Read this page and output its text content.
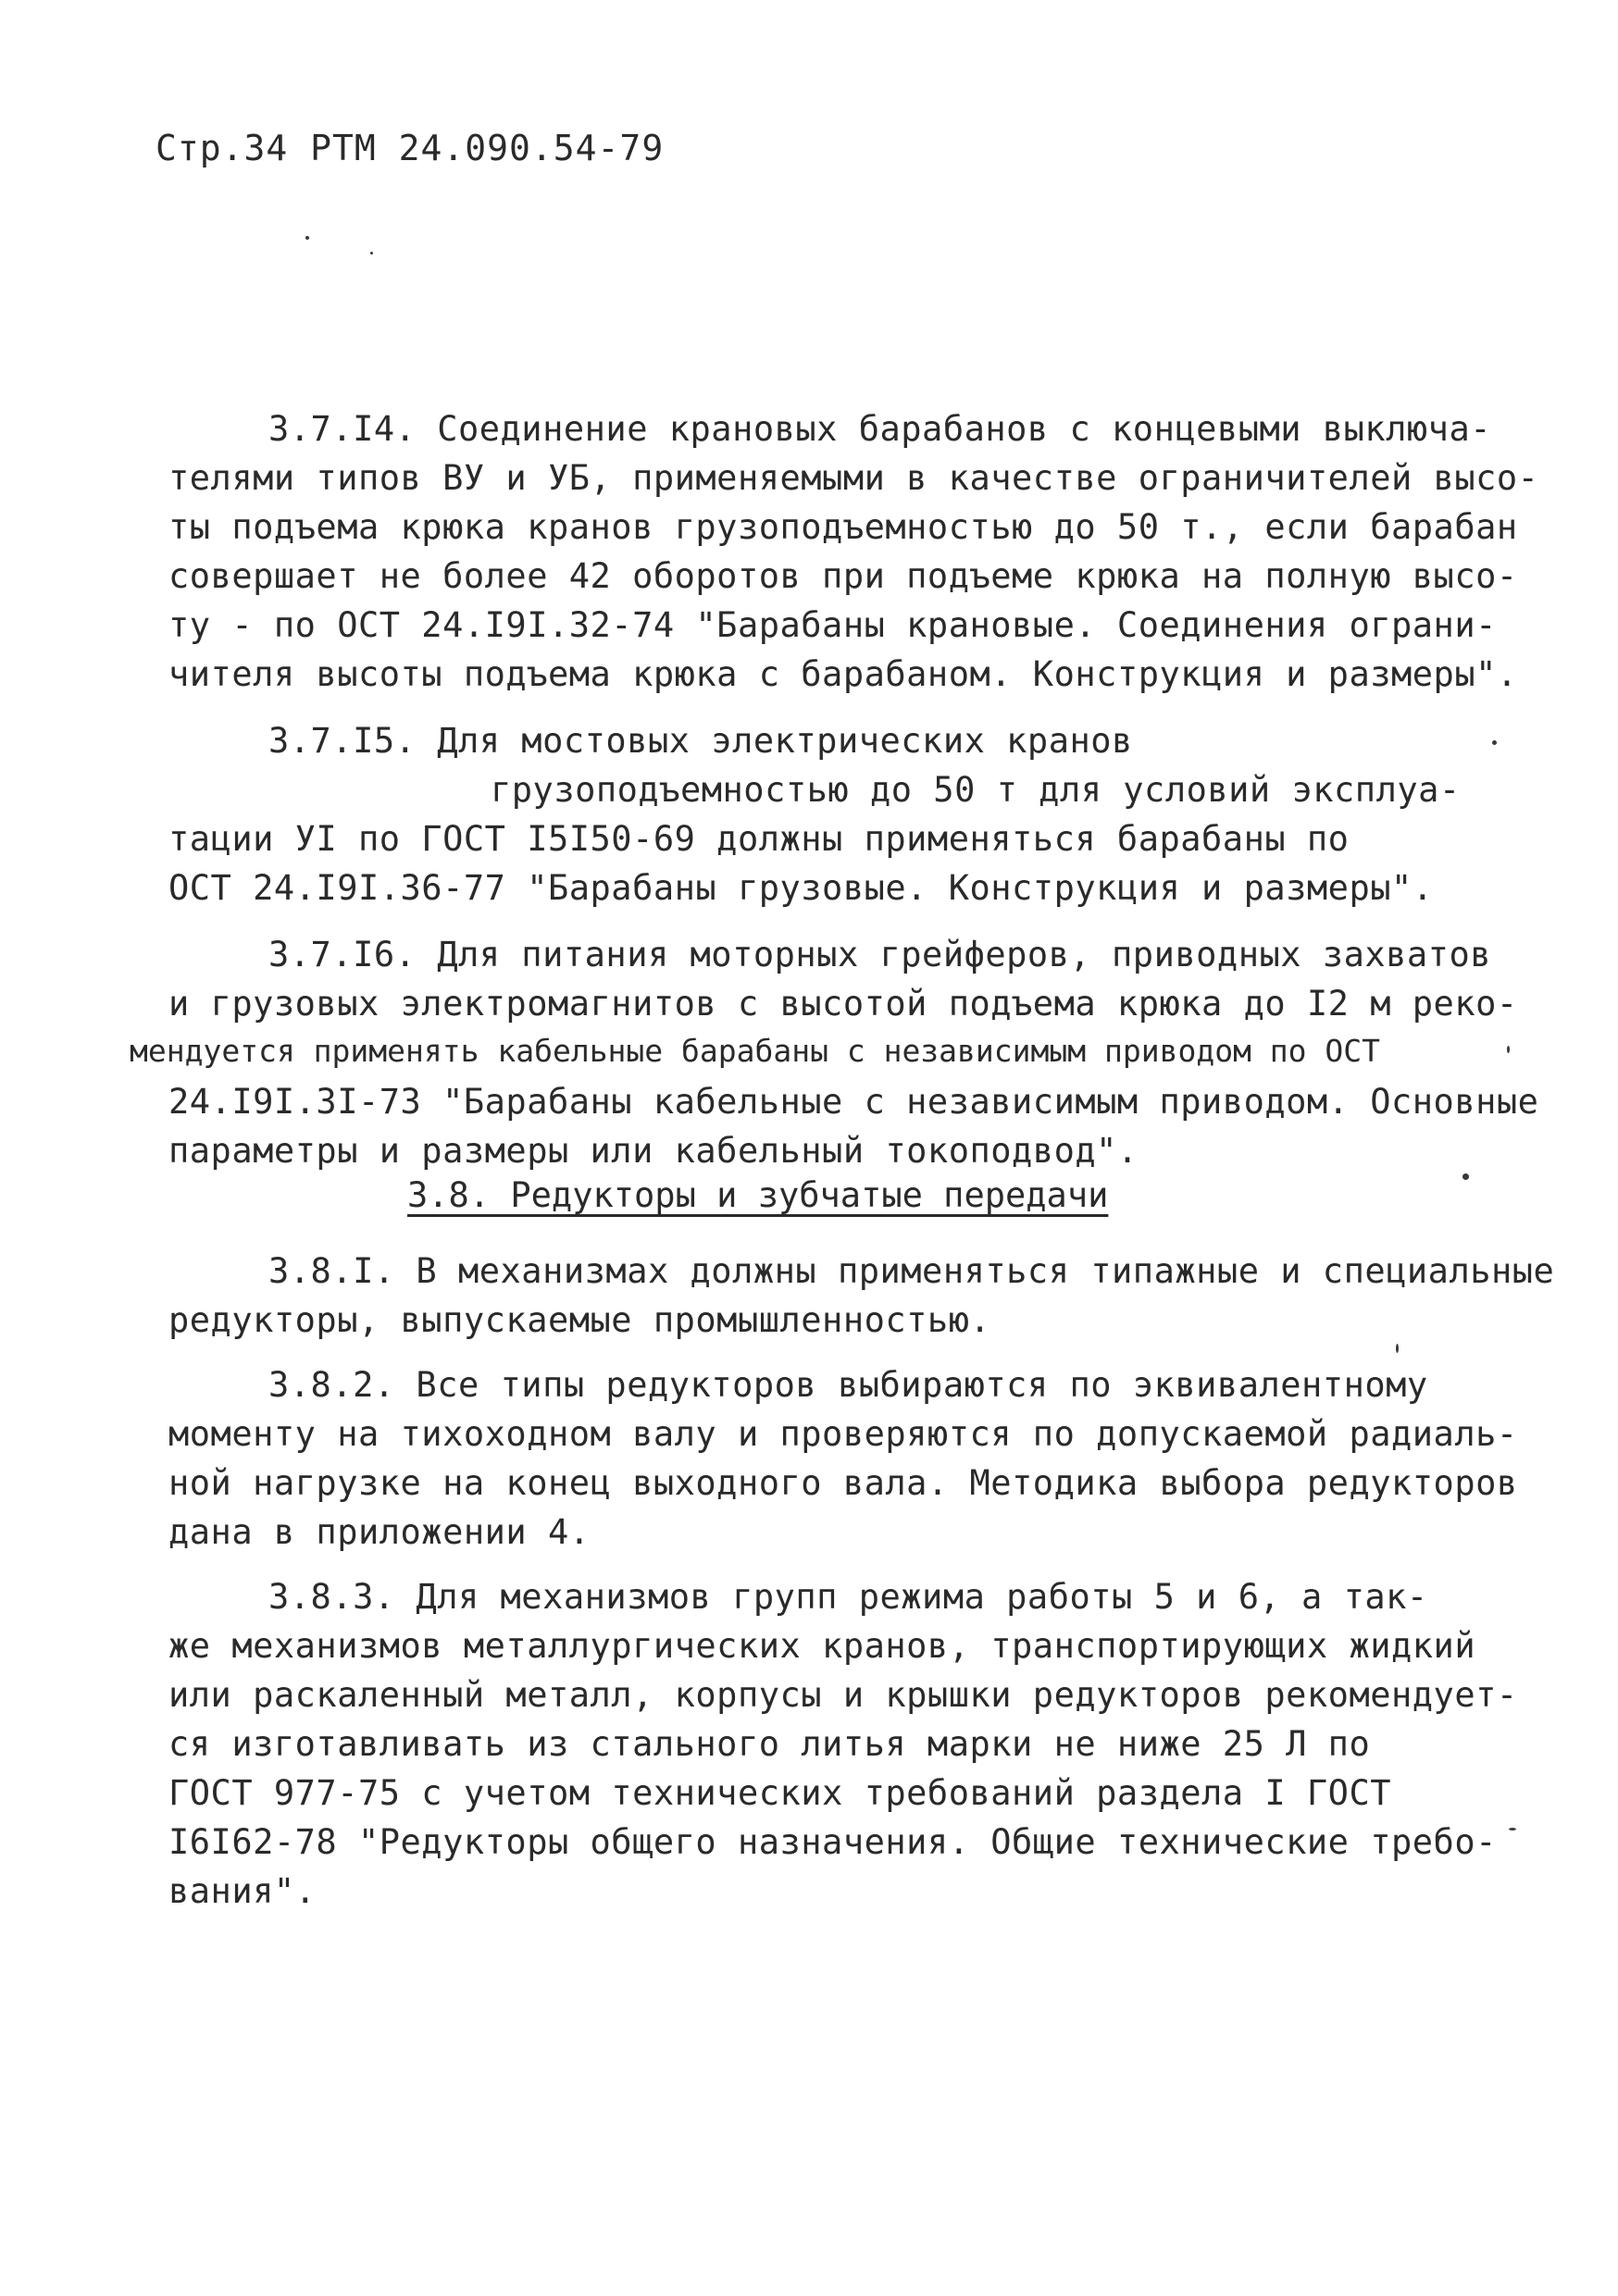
Стр.34 РТМ 24.090.54-79
3.7.I4. Соединение крановых барабанов с концевыми выключа-
телями типов ВУ и УБ, применяемыми в качестве ограничителей высо-
ты подъема крюка кранов грузоподъемностью до 50 т., если барабан
совершает не более 42 оборотов при подъеме крюка на полную высо-
ту - по ОСТ 24.I9I.32-74 "Барабаны крановые. Соединения ограни-
чителя высоты подъема крюка с барабаном. Конструкция и размеры".
3.7.I5. Для мостовых электрических кранов
грузоподъемностью до 50 т для условий эксплуа-
тации УI по ГОСТ I5I50-69 должны применяться барабаны по
ОСТ 24.I9I.36-77 "Барабаны грузовые. Конструкция и размеры".
3.7.I6. Для питания моторных грейферов, приводных захватов
и грузовых электромагнитов с высотой подъема крюка до I2 м реко-
мендуется применять кабельные барабаны с независимым приводом по ОСТ
24.I9I.3I-73 "Барабаны кабельные с независимым приводом. Основные
параметры и размеры или кабельный токоподвод".
3.8. Редукторы и зубчатые передачи
3.8.I. В механизмах должны применяться типажные и специальные
редукторы, выпускаемые промышленностью.
3.8.2. Все типы редукторов выбираются по эквивалентному
моменту на тихоходном валу и проверяются по допускаемой радиаль-
ной нагрузке на конец выходного вала. Методика выбора редукторов
дана в приложении 4.
3.8.3. Для механизмов групп режима работы 5 и 6, а так-
же механизмов металлургических кранов, транспортирующих жидкий
или раскаленный металл, корпусы и крышки редукторов рекомендует-
ся изготавливать из стального литья марки не ниже 25 Л по
ГОСТ 977-75 с учетом технических требований раздела I ГОСТ
I6I62-78 "Редукторы общего назначения. Общие технические требо-
вания".
